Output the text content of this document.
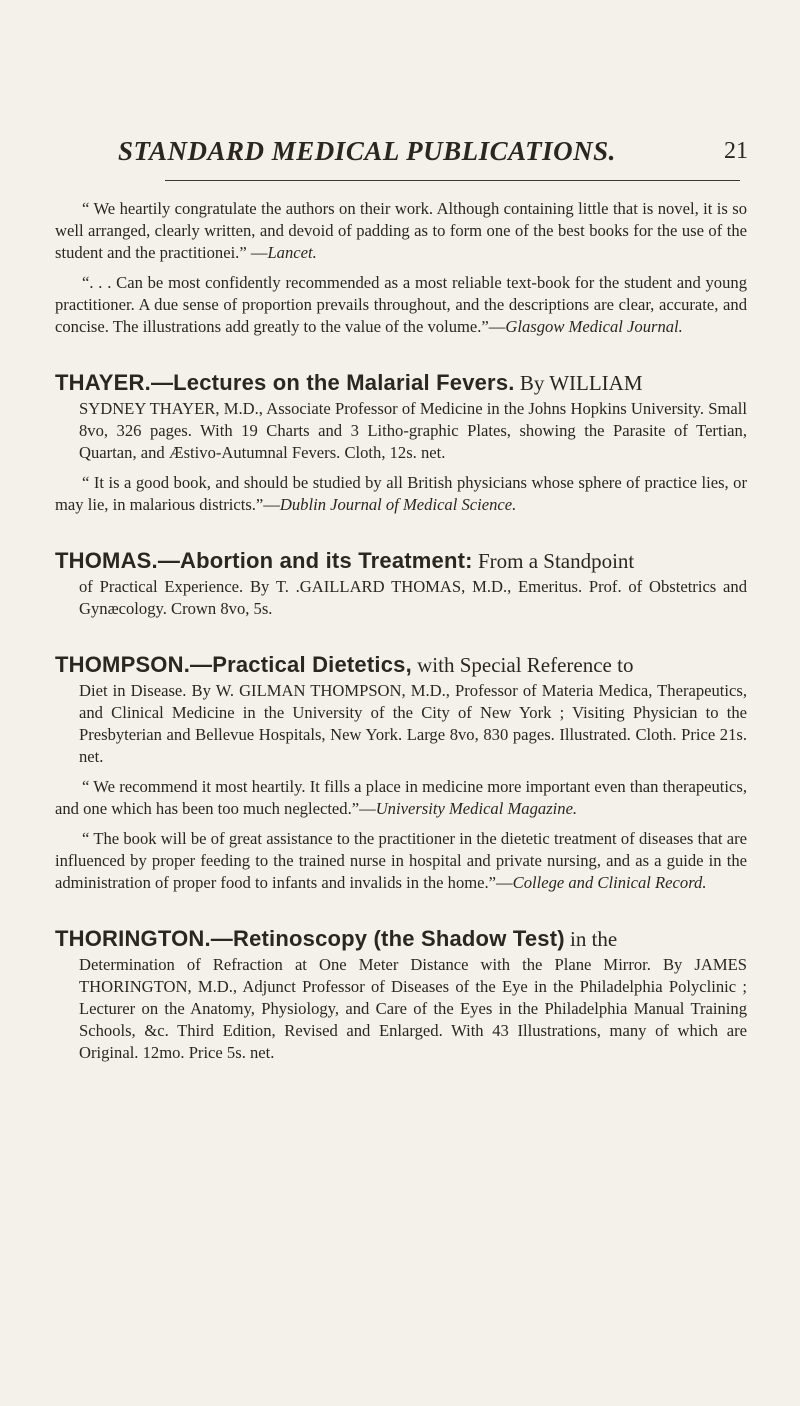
STANDARD MEDICAL PUBLICATIONS.	21

“ We heartily congratulate the authors on their work. Although containing little that is novel, it is so well arranged, clearly written, and devoid of padding as to form one of the best books for the use of the student and the practitionei.” —Lancet.

“. . . Can be most confidently recommended as a most reliable text-book for the student and young practitioner. A due sense of proportion prevails throughout, and the descriptions are clear, accurate, and concise. The illustrations add greatly to the value of the volume.”—Glasgow Medical Journal.

THAYER.—Lectures on the Malarial Fevers. By WILLIAM
SYDNEY THAYER, M.D., Associate Professor of Medicine in the Johns Hopkins University. Small 8vo, 326 pages. With 19 Charts and 3 Litho-graphic Plates, showing the Parasite of Tertian, Quartan, and Æstivo-Autumnal Fevers. Cloth, 12s. net.

“ It is a good book, and should be studied by all British physicians whose sphere of practice lies, or may lie, in malarious districts.”—Dublin Journal of Medical Science.

THOMAS.—Abortion and its Treatment: From a Standpoint
of Practical Experience. By T. .GAILLARD THOMAS, M.D., Emeritus. Prof. of Obstetrics and Gynæcology. Crown 8vo, 5s.

THOMPSON.—Practical Dietetics, with Special Reference to
Diet in Disease. By W. GILMAN THOMPSON, M.D., Professor of Materia Medica, Therapeutics, and Clinical Medicine in the University of the City of New York ; Visiting Physician to the Presbyterian and Bellevue Hospitals, New York. Large 8vo, 830 pages. Illustrated. Cloth. Price 21s. net.

“ We recommend it most heartily. It fills a place in medicine more important even than therapeutics, and one which has been too much neglected.”—University Medical Magazine.

“ The book will be of great assistance to the practitioner in the dietetic treatment of diseases that are influenced by proper feeding to the trained nurse in hospital and private nursing, and as a guide in the administration of proper food to infants and invalids in the home.”—College and Clinical Record.

THORINGTON.—Retinoscopy (the Shadow Test) in the
Determination of Refraction at One Meter Distance with the Plane Mirror. By JAMES THORINGTON, M.D., Adjunct Professor of Diseases of the Eye in the Philadelphia Polyclinic ; Lecturer on the Anatomy, Physiology, and Care of the Eyes in the Philadelphia Manual Training Schools, &c. Third Edition, Revised and Enlarged. With 43 Illustrations, many of which are Original. 12mo. Price 5s. net.
